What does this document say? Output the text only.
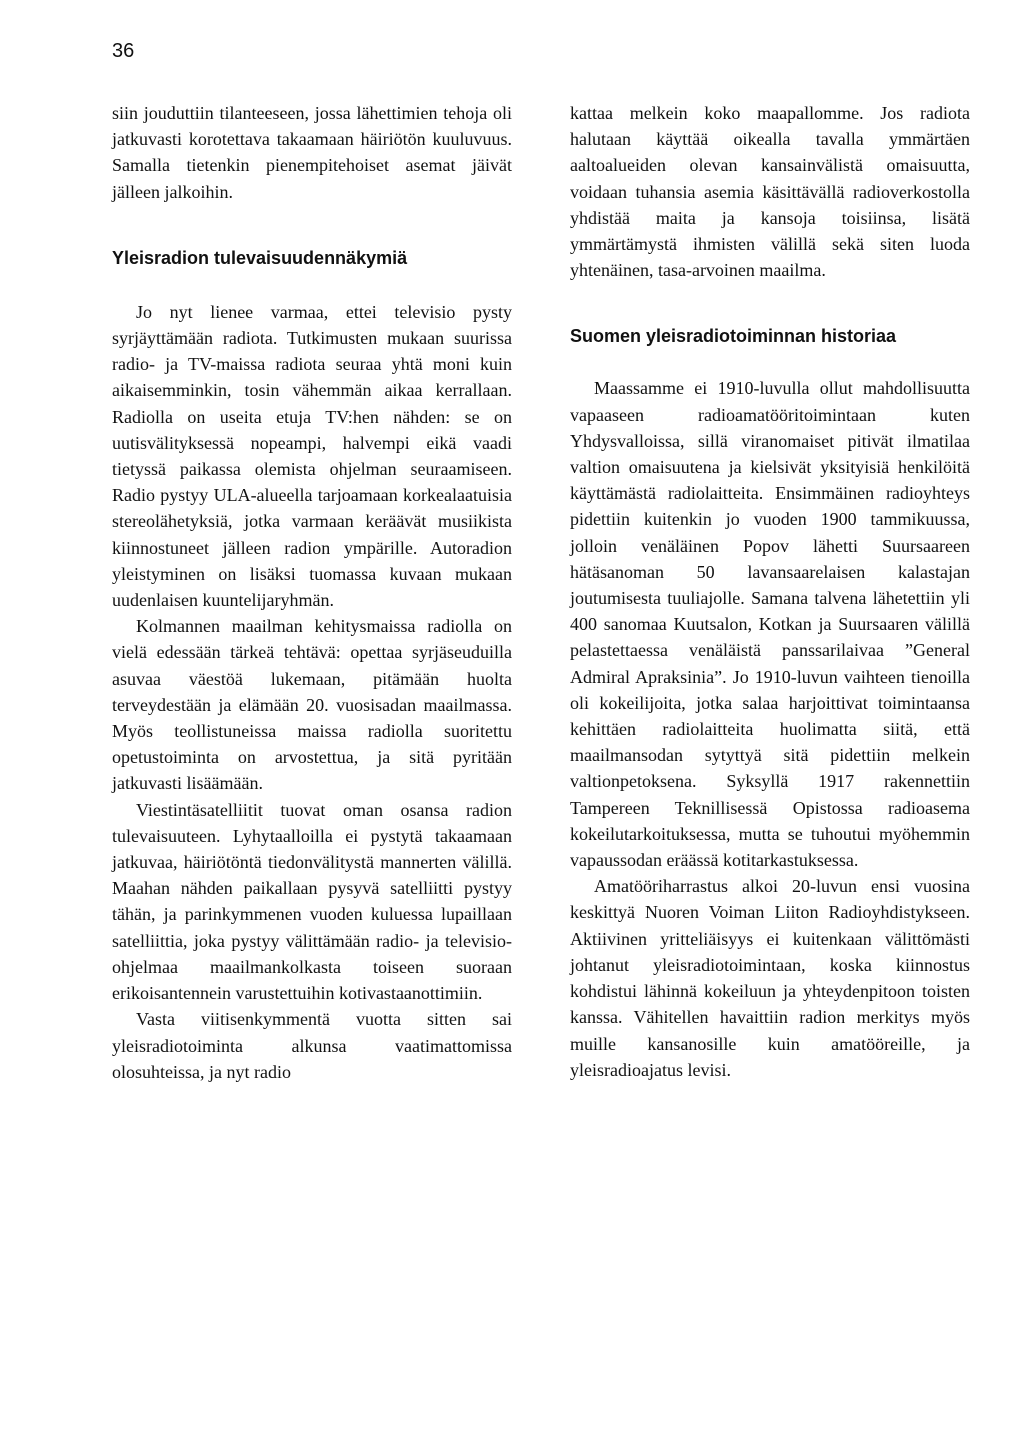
36

siin jouduttiin tilanteeseen, jossa lähettimien tehoja oli jatkuvasti korotettava takaamaan häiriötön kuuluvuus. Samalla tietenkin pienempitehoiset asemat jäivät jälleen jalkoihin.

Yleisradion tulevaisuudennäkymiä

Jo nyt lienee varmaa, ettei televisio pysty syrjäyttämään radiota. Tutkimusten mukaan suurissa radio- ja TV-maissa radiota seuraa yhtä moni kuin aikaisemminkin, tosin vähemmän aikaa kerrallaan. Radiolla on useita etuja TV:hen nähden: se on uutisvälityksessä nopeampi, halvempi eikä vaadi tietyssä paikassa olemista ohjelman seuraamiseen. Radio pystyy ULA-alueella tarjoamaan korkealaatuisia stereolähetyksiä, jotka varmaan keräävät musiikista kiinnostuneet jälleen radion ympärille. Autoradion yleistyminen on lisäksi tuomassa kuvaan mukaan uudenlaisen kuuntelijaryhmän.

Kolmannen maailman kehitysmaissa radiolla on vielä edessään tärkeä tehtävä: opettaa syrjäseuduilla asuvaa väestöä lukemaan, pitämään huolta terveydestään ja elämään 20. vuosisadan maailmassa. Myös teollistuneissa maissa radiolla suoritettu opetustoiminta on arvostettua, ja sitä pyritään jatkuvasti lisäämään.

Viestintäsatelliitit tuovat oman osansa radion tulevaisuuteen. Lyhytaalloilla ei pystytä takaamaan jatkuvaa, häiriötöntä tiedonvälitystä mannerten välillä. Maahan nähden paikallaan pysyvä satelliitti pystyy tähän, ja parinkymmenen vuoden kuluessa lupaillaan satelliittia, joka pystyy välittämään radio- ja televisio-ohjelmaa maailmankolkasta toiseen suoraan erikoisantennein varustettuihin kotivastaanottimiin.

Vasta viitisenkymmentä vuotta sitten sai yleisradiotoiminta alkunsa vaatimattomissa olosuhteissa, ja nyt radio

kattaa melkein koko maapallomme. Jos radiota halutaan käyttää oikealla tavalla ymmärtäen aaltoalueiden olevan kansainvälistä omaisuutta, voidaan tuhansia asemia käsittävällä radioverkostolla yhdistää maita ja kansoja toisiinsa, lisätä ymmärtämystä ihmisten välillä sekä siten luoda yhtenäinen, tasa-arvoinen maailma.

Suomen yleisradiotoiminnan historiaa

Maassamme ei 1910-luvulla ollut mahdollisuutta vapaaseen radioamatööritoimintaan kuten Yhdysvalloissa, sillä viranomaiset pitivät ilmatilaa valtion omaisuutena ja kielsivät yksityisiä henkilöitä käyttämästä radiolaitteita. Ensimmäinen radioyhteys pidettiin kuitenkin jo vuoden 1900 tammikuussa, jolloin venäläinen Popov lähetti Suursaareen hätäsanoman 50 lavansaarelaisen kalastajan joutumisesta tuuliajolle. Samana talvena lähetettiin yli 400 sanomaa Kuutsalon, Kotkan ja Suursaaren välillä pelastettaessa venäläistä panssarilaivaa ”General Admiral Apraksinia”. Jo 1910-luvun vaihteen tienoilla oli kokeilijoita, jotka salaa harjoittivat toimintaansa kehittäen radiolaitteita huolimatta siitä, että maailmansodan sytyttyä sitä pidettiin melkein valtionpetoksena. Syksyllä 1917 rakennettiin Tampereen Teknillisessä Opistossa radioasema kokeilutarkoituksessa, mutta se tuhoutui myöhemmin vapaussodan eräässä kotitarkastuksessa.

Amatööriharrastus alkoi 20-luvun ensi vuosina keskittyä Nuoren Voiman Liiton Radioyhdistykseen. Aktiivinen yritteliäisyys ei kuitenkaan välittömästi johtanut yleisradiotoimintaan, koska kiinnostus kohdistui lähinnä kokeiluun ja yhteydenpitoon toisten kanssa. Vähitellen havaittiin radion merkitys myös muille kansanosille kuin amatööreille, ja yleisradioajatus levisi.
